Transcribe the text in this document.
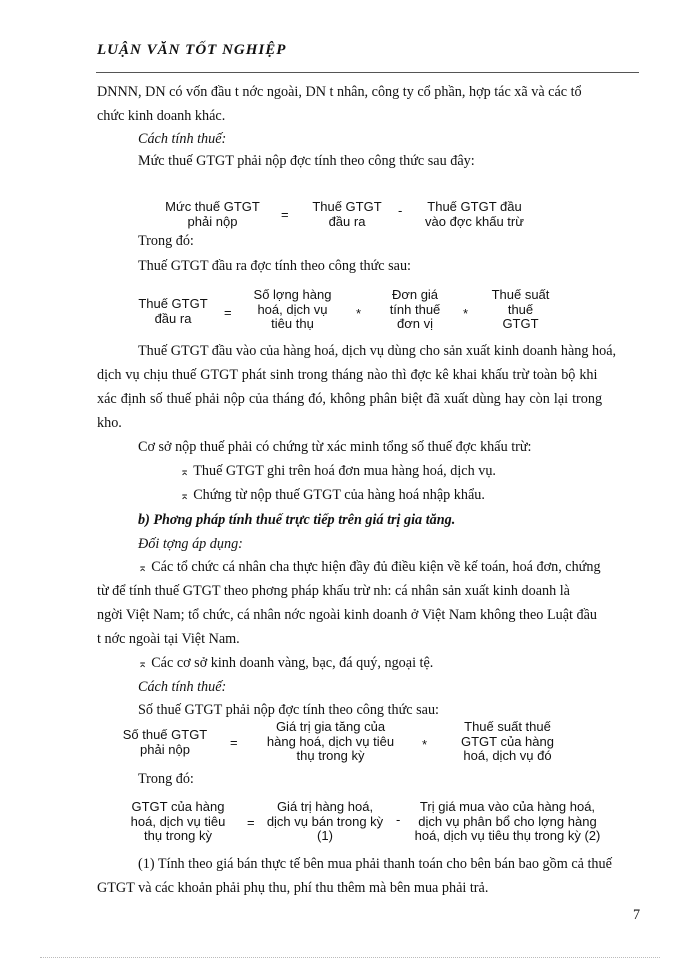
LUẬN VĂN TỐT NGHIỆP
DNNN, DN có vốn đầu t nớc ngoài, DN t nhân, công ty cổ phần, hợp tác xã và các tổ
chức kinh doanh khác.
Cách tính thuế:
Mức thuế GTGT phải nộp đợc tính theo công thức sau đây:
Mức thuế GTGT
phải nộp	=
Thuế GTGT
đầu ra
-	Thuế GTGT đầu
vào đợc khấu trừ
Trong đó:
Thuế GTGT đầu ra đợc tính theo công thức sau:
Thuế GTGT
đầu ra	=
Số lợng hàng
hoá, dịch vụ
tiêu thụ
*
Đơn giá
tính thuế
đơn vị
*
Thuế suất
thuế
GTGT
Thuế GTGT đầu vào của hàng hoá, dịch vụ dùng cho sản xuất kinh doanh hàng hoá,
dịch vụ chịu thuế GTGT phát sinh trong tháng nào thì đợc kê khai khấu trừ toàn bộ khi
xác định số thuế phải nộp của tháng đó, không phân biệt đã xuất dùng hay còn lại trong
kho.
Cơ sở nộp thuế phải có chứng từ xác minh tổng số thuế đợc khấu trừ:
⌅ Thuế GTGT ghi trên hoá đơn mua hàng hoá, dịch vụ.
⌅ Chứng từ nộp thuế GTGT của hàng hoá nhập khẩu.
b) Phơng pháp tính thuế trực tiếp trên giá trị gia tăng.
Đối tợng áp dụng:
⌅ Các tổ chức cá nhân cha thực hiện đầy đủ điều kiện về kế toán, hoá đơn, chứng
từ để tính thuế GTGT theo phơng pháp khấu trừ nh: cá nhân sản xuất kinh doanh là
ngời Việt Nam; tổ chức, cá nhân nớc ngoài kinh doanh ở Việt Nam không theo Luật đầu
t nớc ngoài tại Việt Nam.
⌅ Các cơ sở kinh doanh vàng, bạc, đá quý, ngoại tệ.
Cách tính thuế:
Số thuế GTGT phải nộp đợc tính theo công thức sau:
Số thuế GTGT
phải nộp	=
Giá trị gia tăng của
hàng hoá, dịch vụ tiêu
thụ trong kỳ
*
Thuế suất thuế
GTGT của hàng
hoá, dịch vụ đó
Trong đó:
GTGT của hàng
hoá, dịch vụ tiêu
thụ trong kỳ
=
Giá trị hàng hoá,
dịch vụ bán trong kỳ
(1)
-
Trị giá mua vào của hàng hoá,
dịch vụ phân bổ cho lợng hàng
hoá, dịch vụ tiêu thụ trong kỳ (2)
(1) Tính theo giá bán thực tế bên mua phải thanh toán cho bên bán bao gồm cả thuế
GTGT và các khoản phải phụ thu, phí thu thêm mà bên mua phải trả.
7
